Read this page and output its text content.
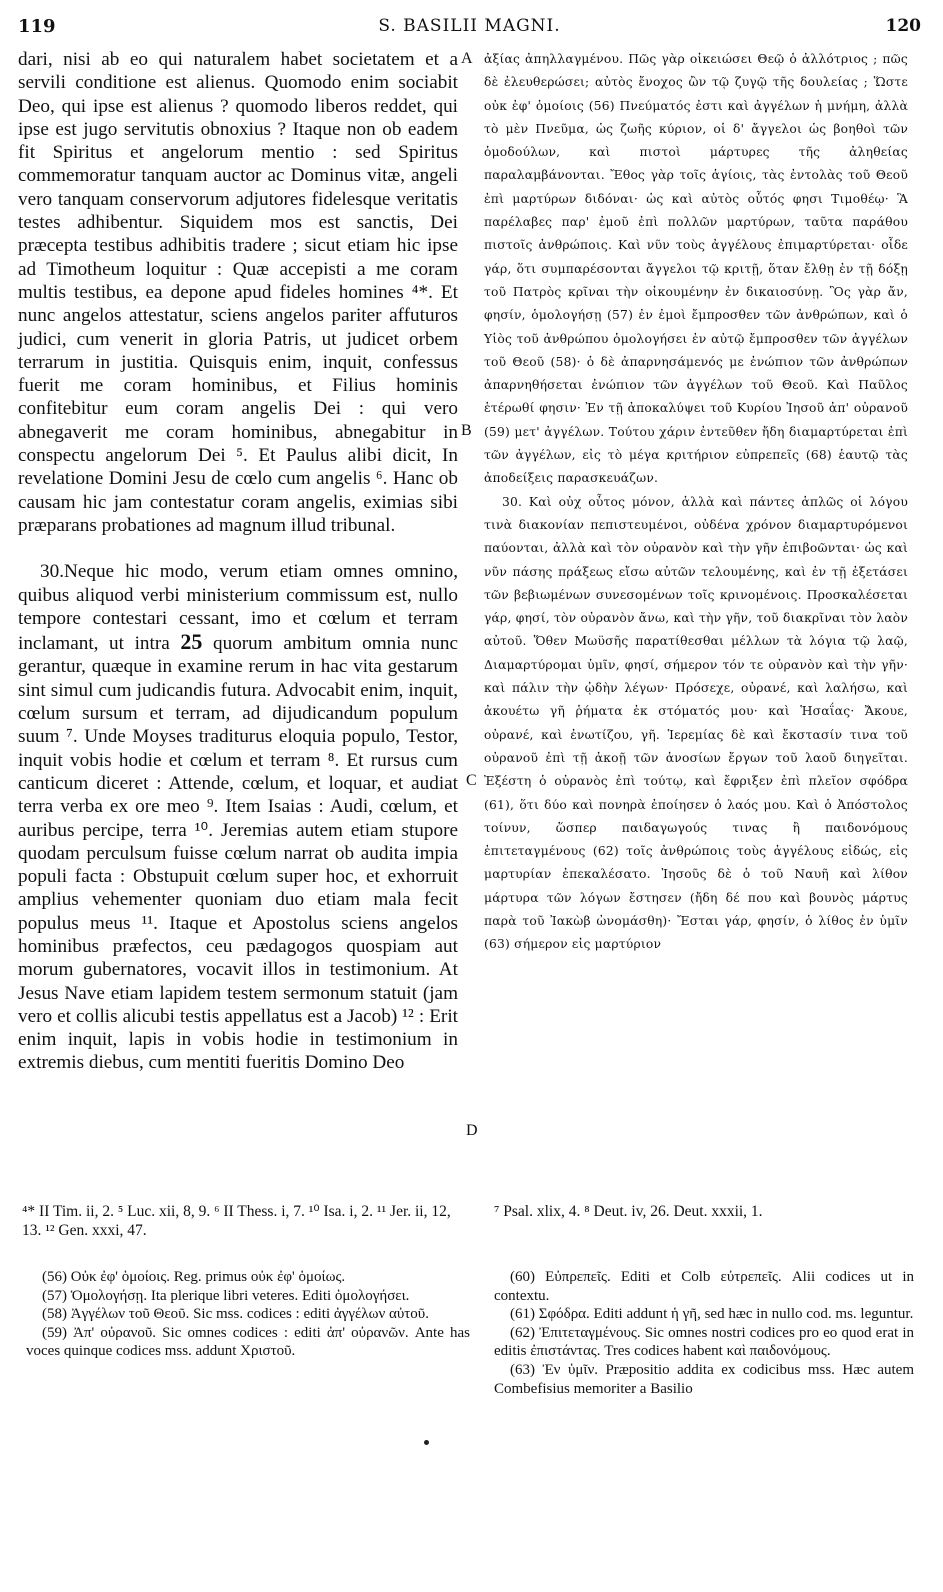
119	S. BASILII MAGNI.	120

dari, nisi ab eo qui naturalem habet societatem et a servili conditione est alienus. Quomodo enim sociabit Deo, qui ipse est alienus ? quomodo liberos reddet, qui ipse est jugo servitutis obnoxius ? Itaque non ob eadem fit Spiritus et angelorum mentio : sed Spiritus commemoratur tanquam auctor ac Dominus vitæ, angeli vero tanquam conservorum adjutores fidelesque veritatis testes adhibentur. Siquidem mos est sanctis, Dei præcepta testibus adhibitis tradere ; sicut etiam hic ipse ad Timotheum loquitur : Quæ accepisti a me coram multis testibus, ea depone apud fideles homines ⁴*. Et nunc angelos attestatur, sciens angelos pariter affuturos judici, cum venerit in gloria Patris, ut judicet orbem terrarum in justitia. Quisquis enim, inquit, confessus fuerit me coram hominibus, et Filius hominis confitebitur eum coram angelis Dei : qui vero abnegaverit me coram hominibus, abnegabitur in conspectu angelorum Dei ⁵. Et Paulus alibi dicit, In revelatione Domini Jesu de cœlo cum angelis ⁶. Hanc ob causam hic jam contestatur coram angelis, eximias sibi præparans probationes ad magnum illud tribunal.

30.Neque hic modo, verum etiam omnes omnino, quibus aliquod verbi ministerium commissum est, nullo tempore contestari cessant, imo et cœlum et terram inclamant, ut intra 25 quorum ambitum omnia nunc gerantur, quæque in examine rerum in hac vita gestarum sint simul cum judicandis futura. Advocabit enim, inquit, cœlum sursum et terram, ad dijudicandum populum suum ⁷. Unde Moyses traditurus eloquia populo, Testor, inquit vobis hodie et cœlum et terram ⁸. Et rursus cum canticum diceret : Attende, cœlum, et loquar, et audiat terra verba ex ore meo ⁹. Item Isaias : Audi, cœlum, et auribus percipe, terra ¹⁰. Jeremias autem etiam stupore quodam perculsum fuisse cœlum narrat ob audita impia populi facta : Obstupuit cœlum super hoc, et exhorruit amplius vehementer quoniam duo etiam mala fecit populus meus ¹¹. Itaque et Apostolus sciens angelos hominibus præfectos, ceu pædagogos quospiam aut morum gubernatores, vocavit illos in testimonium. At Jesus Nave etiam lapidem testem sermonum statuit (jam vero et collis alicubi testis appellatus est a Jacob) ¹² : Erit enim inquit, lapis in vobis hodie in testimonium in extremis diebus, cum mentiti fueritis Domino Deo

A
B
C
D

ἀξίας ἀπηλλαγμένου. Πῶς γὰρ οἰκειώσει Θεῷ ὁ ἀλλότριος ; πῶς δὲ ἐλευθερώσει; αὐτὸς ἔνοχος ὢν τῷ ζυγῷ τῆς δουλείας ; Ὥστε οὐκ ἐφ' ὁμοίοις (56) Πνεύματός ἐστι καὶ ἀγγέλων ἡ μνήμη, ἀλλὰ τὸ μὲν Πνεῦμα, ὡς ζωῆς κύριον, οἱ δ' ἄγγελοι ὡς βοηθοὶ τῶν ὁμοδούλων, καὶ πιστοὶ μάρτυρες τῆς ἀληθείας παραλαμβάνονται. Ἔθος γὰρ τοῖς ἁγίοις, τὰς ἐντολὰς τοῦ Θεοῦ ἐπὶ μαρτύρων διδόναι· ὡς καὶ αὐτὸς οὗτός φησι Τιμοθέῳ· Ἃ παρέλαβες παρ' ἐμοῦ ἐπὶ πολλῶν μαρτύρων, ταῦτα παράθου πιστοῖς ἀνθρώποις. Καὶ νῦν τοὺς ἀγγέλους ἐπιμαρτύρεται· οἶδε γάρ, ὅτι συμπαρέσονται ἄγγελοι τῷ κριτῇ, ὅταν ἔλθῃ ἐν τῇ δόξῃ τοῦ Πατρὸς κρῖναι τὴν οἰκουμένην ἐν δικαιοσύνῃ. Ὃς γὰρ ἄν, φησίν, ὁμολογήσῃ (57) ἐν ἐμοὶ ἔμπροσθεν τῶν ἀνθρώπων, καὶ ὁ Υἱὸς τοῦ ἀνθρώπου ὁμολογήσει ἐν αὐτῷ ἔμπροσθεν τῶν ἀγγέλων τοῦ Θεοῦ (58)· ὁ δὲ ἀπαρνησάμενός με ἐνώπιον τῶν ἀνθρώπων ἀπαρνηθήσεται ἐνώπιον τῶν ἀγγέλων τοῦ Θεοῦ. Καὶ Παῦλος ἑτέρωθί φησιν· Ἐν τῇ ἀποκαλύψει τοῦ Κυρίου Ἰησοῦ ἀπ' οὐρανοῦ (59) μετ' ἀγγέλων. Τούτου χάριν ἐντεῦθεν ἤδη διαμαρτύρεται ἐπὶ τῶν ἀγγέλων, εἰς τὸ μέγα κριτήριον εὐπρεπεῖς (68) ἑαυτῷ τὰς ἀποδείξεις παρασκευάζων.

30. Καὶ οὐχ οὗτος μόνον, ἀλλὰ καὶ πάντες ἁπλῶς οἱ λόγου τινὰ διακονίαν πεπιστευμένοι, οὐδένα χρόνον διαμαρτυρόμενοι παύονται, ἀλλὰ καὶ τὸν οὐρανὸν καὶ τὴν γῆν ἐπιβοῶνται· ὡς καὶ νῦν πάσης πράξεως εἴσω αὐτῶν τελουμένης, καὶ ἐν τῇ ἐξετάσει τῶν βεβιωμένων συνεσομένων τοῖς κρινομένοις. Προσκαλέσεται γάρ, φησί, τὸν οὐρανὸν ἄνω, καὶ τὴν γῆν, τοῦ διακρῖναι τὸν λαὸν αὐτοῦ. Ὅθεν Μωϋσῆς παρατίθεσθαι μέλλων τὰ λόγια τῷ λαῷ, Διαμαρτύρομαι ὑμῖν, φησί, σήμερον τόν τε οὐρανὸν καὶ τὴν γῆν· καὶ πάλιν τὴν ᾠδὴν λέγων· Πρόσεχε, οὐρανέ, καὶ λαλήσω, καὶ ἀκουέτω γῆ ῥήματα ἐκ στόματός μου· καὶ Ἡσαΐας· Ἄκουε, οὐρανέ, καὶ ἐνωτίζου, γῆ. Ἱερεμίας δὲ καὶ ἔκστασίν τινα τοῦ οὐρανοῦ ἐπὶ τῇ ἀκοῇ τῶν ἀνοσίων ἔργων τοῦ λαοῦ διηγεῖται. Ἐξέστη ὁ οὐρανὸς ἐπὶ τούτῳ, καὶ ἔφριξεν ἐπὶ πλεῖον σφόδρα (61), ὅτι δύο καὶ πονηρὰ ἐποίησεν ὁ λαός μου. Καὶ ὁ Ἀπόστολος τοίνυν, ὥσπερ παιδαγωγούς τινας ἢ παιδονόμους ἐπιτεταγμένους (62) τοῖς ἀνθρώποις τοὺς ἀγγέλους εἰδώς, εἰς μαρτυρίαν ἐπεκαλέσατο. Ἰησοῦς δὲ ὁ τοῦ Ναυῆ καὶ λίθον μάρτυρα τῶν λόγων ἔστησεν (ἤδη δέ που καὶ βουνὸς μάρτυς παρὰ τοῦ Ἰακὼβ ὠνομάσθη)· Ἔσται γάρ, φησίν, ὁ λίθος ἐν ὑμῖν (63) σήμερον εἰς μαρτύριον

⁴* II Tim. ii, 2. ⁵ Luc. xii, 8, 9. ⁶ II Thess. i, 7. ¹⁰ Isa. i, 2. ¹¹ Jer. ii, 12, 13. ¹² Gen. xxxi, 47.
⁷ Psal. xlix, 4. ⁸ Deut. iv, 26. Deut. xxxii, 1.

(56) Οὐκ ἐφ' ὁμοίοις. Reg. primus οὐκ ἐφ' ὁμοίως.

(57) Ὁμολογήσῃ. Ita plerique libri veteres. Editi ὁμολογήσει.

(58) Ἀγγέλων τοῦ Θεοῦ. Sic mss. codices : editi ἀγγέλων αὐτοῦ.

(59) Ἀπ' οὐρανοῦ. Sic omnes codices : editi ἀπ' οὐρανῶν. Ante has voces quinque codices mss. addunt Χριστοῦ.

(60) Εὐπρεπεῖς. Editi et Colb εὐτρεπεῖς. Alii codices ut in contextu.

(61) Σφόδρα. Editi addunt ἡ γῆ, sed hæc in nullo cod. ms. leguntur.

(62) Ἐπιτεταγμένους. Sic omnes nostri codices pro eo quod erat in editis ἐπιστάντας. Tres codices habent καὶ παιδονόμους.

(63) Ἐν ὑμῖν. Præpositio addita ex codicibus mss. Hæc autem Combefisius memoriter a Basilio
